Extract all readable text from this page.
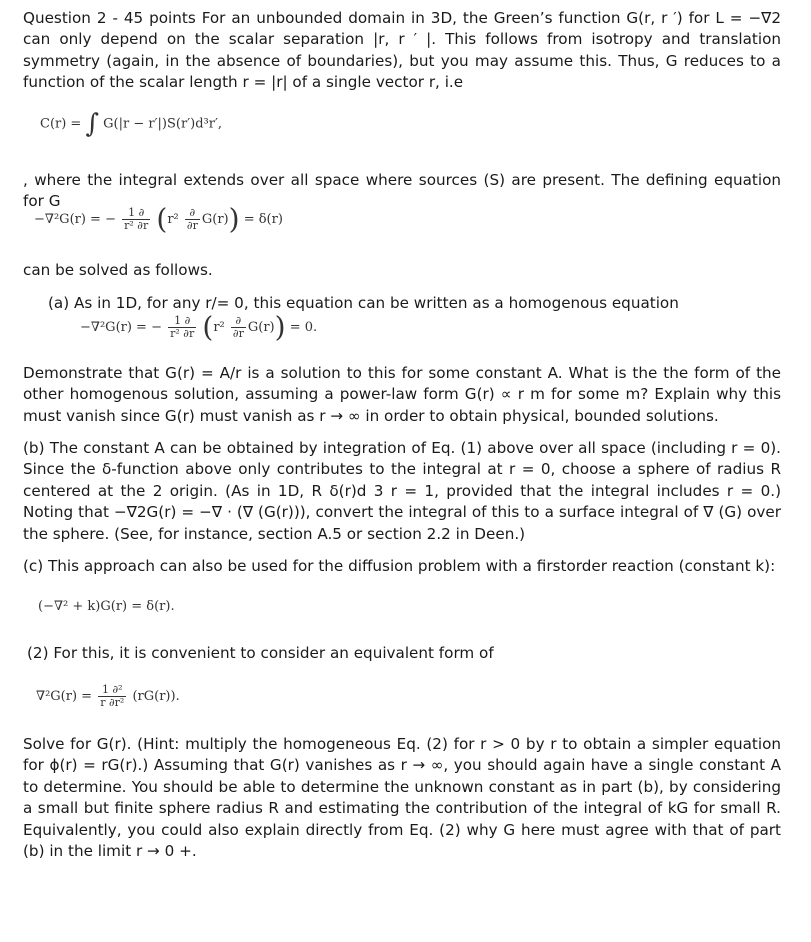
Question 2 - 45 points For an unbounded domain in 3D, the Green’s function G(r, r ′) for L = −∇2 can only depend on the scalar separation |r, r ′ |. This follows from isotropy and translation symmetry (again, in the absence of boundaries), but you may assume this. Thus, G reduces to a function of the scalar length r = |r| of a single vector r, i.e

C(r) = ∫ G(|r − r′|)S(r′)d³r′,

, where the integral extends over all space where sources (S) are present. The defining equation for G

−∇²G(r) = − $\frac{1 \partial}{\text{r² ∂r}} (r^2 \frac{\partial}{\partial r} G(r)) = \delta(r)$

can be solved as follows.

(a) As in 1D, for any r/= 0, this equation can be written as a homogenous equation

−∇²G(r) = − $\frac{1 \partial}{\text{r² ∂r}} (r^2 \frac{\partial}{\partial r} G(r)) = 0$.

Demonstrate that G(r) = A/r is a solution to this for some constant A. What is the the form of the other homogenous solution, assuming a power-law form G(r) ∝ r m for some m? Explain why this must vanish since G(r) must vanish as r → ∞ in order to obtain physical, bounded solutions.

(b) The constant A can be obtained by integration of Eq. (1) above over all space (including r = 0). Since the δ-function above only contributes to the integral at r = 0, choose a sphere of radius R centered at the 2 origin. (As in 1D, R δ(r)d 3 r = 1, provided that the integral includes r = 0.) Noting that −∇2G(r) = −∇ · (∇ (G(r))), convert the integral of this to a surface integral of ∇ (G) over the sphere. (See, for instance, section A.5 or section 2.2 in Deen.)

(c) This approach can also be used for the diffusion problem with a firstorder reaction (constant k):

(−∇² + k)G(r) = δ(r).

(2) For this, it is convenient to consider an equivalent form of

$\nabla^2G(r) = \frac{\text{1 ∂²}}{\text{r ∂r²}} (rG(r))$.

Solve for G(r). (Hint: multiply the homogeneous Eq. (2) for r > 0 by r to obtain a simpler equation for ϕ(r) = rG(r).) Assuming that G(r) vanishes as r → ∞, you should again have a single constant A to determine. You should be able to determine the unknown constant as in part (b), by considering a small but finite sphere radius R and estimating the contribution of the integral of kG for small R. Equivalently, you could also explain directly from Eq. (2) why G here must agree with that of part (b) in the limit r → 0 +.
